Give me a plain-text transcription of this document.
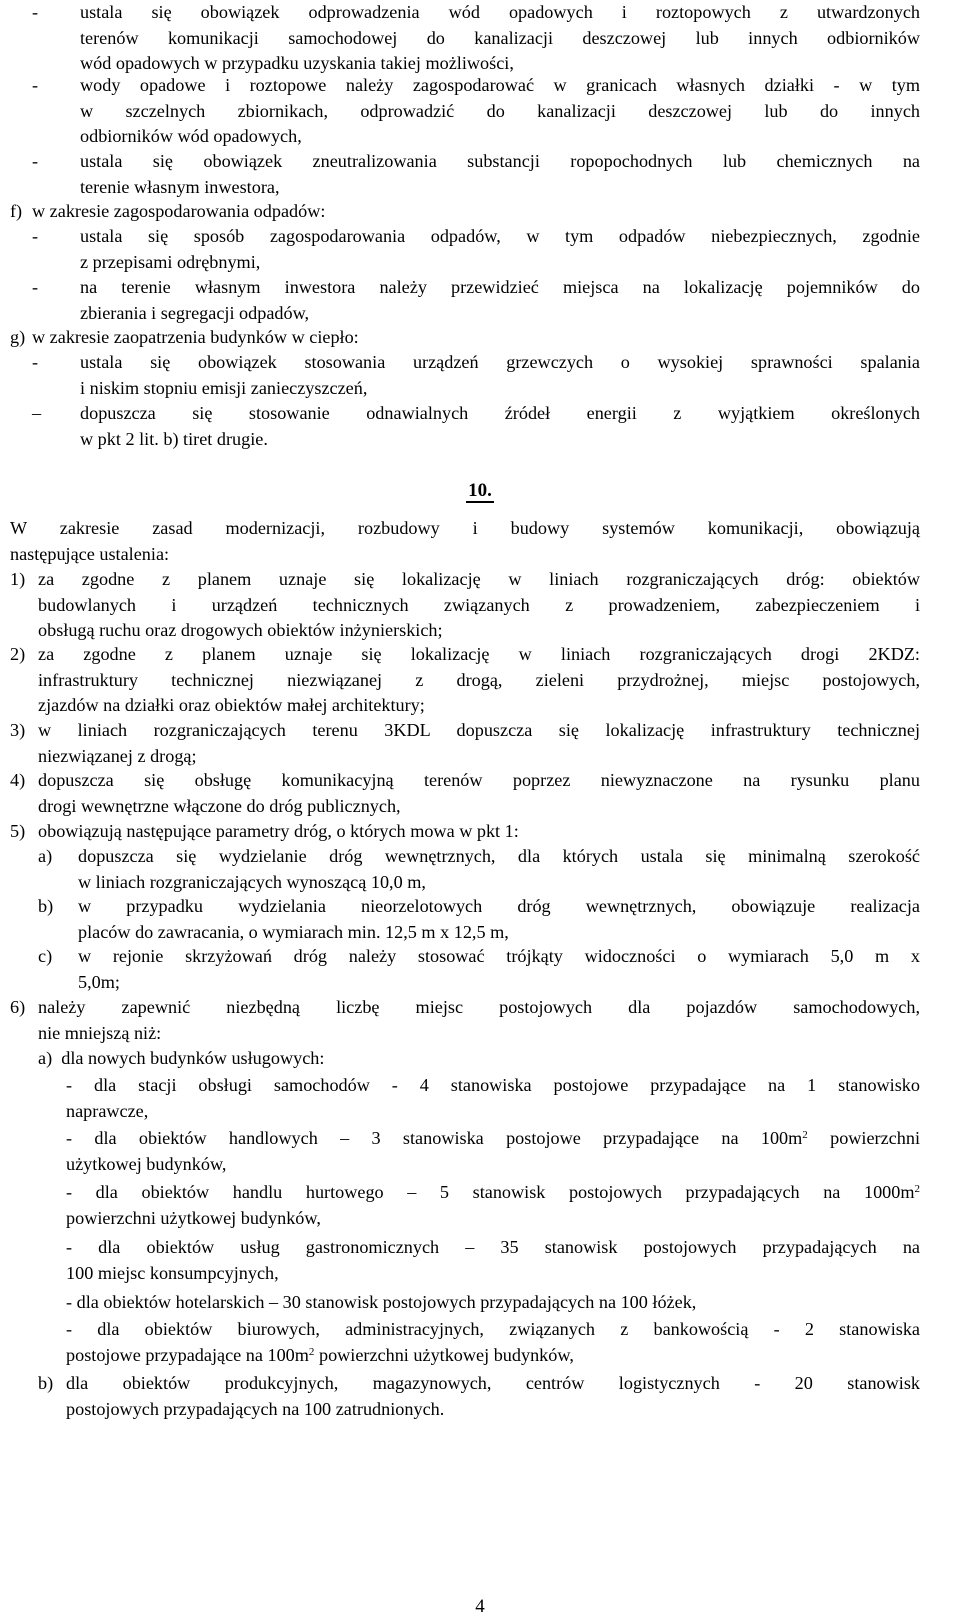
- ustala się obowiązek odprowadzenia wód opadowych i roztopowych z utwardzonych
terenów komunikacji samochodowej do kanalizacji deszczowej lub innych odbiorników
wód opadowych w przypadku uzyskania takiej możliwości,
- wody opadowe i roztopowe należy zagospodarować w granicach własnych działki - w tym
w szczelnych zbiornikach, odprowadzić do kanalizacji deszczowej lub do innych
odbiorników wód opadowych,
- ustala się obowiązek zneutralizowania substancji ropopochodnych lub chemicznych na
terenie własnym inwestora,
f) w zakresie zagospodarowania odpadów:
- ustala się sposób zagospodarowania odpadów, w tym odpadów niebezpiecznych, zgodnie
z przepisami odrębnymi,
- na terenie własnym inwestora należy przewidzieć miejsca na lokalizację pojemników do
zbierania i segregacji odpadów,
g) w zakresie zaopatrzenia budynków w ciepło:
- ustala się obowiązek stosowania urządzeń grzewczych o wysokiej sprawności spalania
i niskim stopniu emisji zanieczyszczeń,
– dopuszcza się stosowanie odnawialnych źródeł energii z wyjątkiem określonych
w pkt 2 lit. b) tiret drugie.
10.
W zakresie zasad modernizacji, rozbudowy i budowy systemów komunikacji, obowiązują
następujące ustalenia:
1) za zgodne z planem uznaje się lokalizację w liniach rozgraniczających dróg: obiektów
budowlanych i urządzeń technicznych związanych z prowadzeniem, zabezpieczeniem i
obsługą ruchu oraz drogowych obiektów inżynierskich;
2) za zgodne z planem uznaje się lokalizację w liniach rozgraniczających drogi 2KDZ:
infrastruktury technicznej niezwiązanej z drogą, zieleni przydrożnej, miejsc postojowych,
zjazdów na działki oraz obiektów małej architektury;
3) w liniach rozgraniczających terenu 3KDL dopuszcza się lokalizację infrastruktury technicznej
niezwiązanej z drogą;
4) dopuszcza się obsługę komunikacyjną terenów poprzez niewyznaczone na rysunku planu
drogi wewnętrzne włączone do dróg publicznych,
5) obowiązują następujące parametry dróg, o których mowa w pkt 1:
a) dopuszcza się wydzielanie dróg wewnętrznych, dla których ustala się minimalną szerokość
w liniach rozgraniczających wynoszącą 10,0 m,
b) w przypadku wydzielania nieorzelotowych dróg wewnętrznych, obowiązuje realizacja
placów do zawracania, o wymiarach min. 12,5 m x 12,5 m,
c) w rejonie skrzyżowań dróg należy stosować trójkąty widoczności o wymiarach 5,0 m x
5,0m;
6) należy zapewnić niezbędną liczbę miejsc postojowych dla pojazdów samochodowych,
nie mniejszą niż:
a)  dla nowych budynków usługowych:
- dla stacji obsługi samochodów - 4 stanowiska postojowe przypadające na 1 stanowisko
naprawcze,
- dla obiektów handlowych – 3 stanowiska postojowe przypadające na $100m^2$ powierzchni
użytkowej budynków,
- dla obiektów handlu hurtowego – 5 stanowisk postojowych przypadających na $1000m^2$
powierzchni użytkowej budynków,
- dla obiektów usług gastronomicznych – 35 stanowisk postojowych przypadających na
100 miejsc konsumpcyjnych,
- dla obiektów hotelarskich – 30 stanowisk postojowych przypadających na 100 łóżek,
- dla obiektów biurowych, administracyjnych, związanych z bankowością - 2 stanowiska
postojowe przypadające na $100m^2$ powierzchni użytkowej budynków,
b) dla obiektów produkcyjnych, magazynowych, centrów logistycznych - 20 stanowisk
postojowych przypadających na 100 zatrudnionych.
4
